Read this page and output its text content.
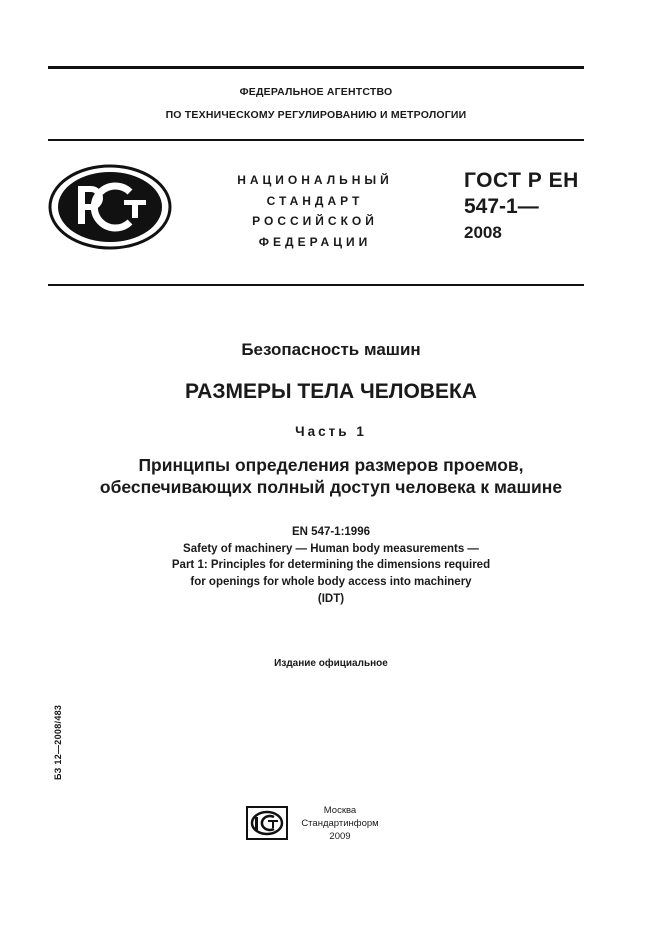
ФЕДЕРАЛЬНОЕ АГЕНТСТВО
ПО ТЕХНИЧЕСКОМУ РЕГУЛИРОВАНИЮ И МЕТРОЛОГИИ
НАЦИОНАЛЬНЫЙ
СТАНДАРТ
РОССИЙСКОЙ
ФЕДЕРАЦИИ
ГОСТ Р ЕН
547-1—
2008
Безопасность машин
РАЗМЕРЫ ТЕЛА ЧЕЛОВЕКА
Часть 1
Принципы определения размеров проемов,
обеспечивающих полный доступ человека к машине
EN 547-1:1996
Safety of machinery — Human body measurements —
Part 1: Principles for determining the dimensions required
for openings for whole body access into machinery
(IDT)
Издание официальное
БЗ 12—2008/483
Москва
Стандартинформ
2009
